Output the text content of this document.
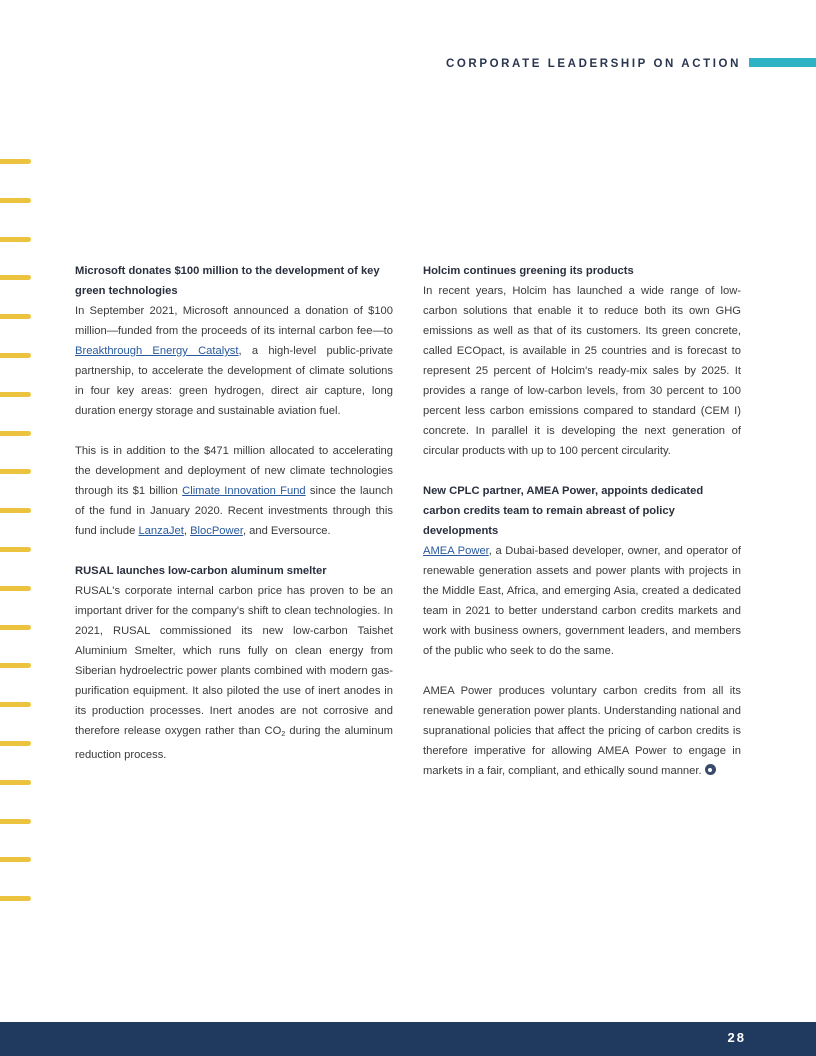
CORPORATE LEADERSHIP ON ACTION
Microsoft donates $100 million to the development of key green technologies

In September 2021, Microsoft announced a donation of $100 million—funded from the proceeds of its internal carbon fee—to Breakthrough Energy Catalyst, a high-level public-private partnership, to accelerate the development of climate solutions in four key areas: green hydrogen, direct air capture, long duration energy storage and sustainable aviation fuel.

This is in addition to the $471 million allocated to accelerating the development and deployment of new climate technologies through its $1 billion Climate Innovation Fund since the launch of the fund in January 2020. Recent investments through this fund include LanzaJet, BlocPower, and Eversource.

RUSAL launches low-carbon aluminum smelter

RUSAL's corporate internal carbon price has proven to be an important driver for the company's shift to clean technologies. In 2021, RUSAL commissioned its new low-carbon Taishet Aluminium Smelter, which runs fully on clean energy from Siberian hydroelectric power plants combined with modern gas-purification equipment. It also piloted the use of inert anodes in its production processes. Inert anodes are not corrosive and therefore release oxygen rather than $CO_2$ during the aluminum reduction process.

Holcim continues greening its products

In recent years, Holcim has launched a wide range of low-carbon solutions that enable it to reduce both its own GHG emissions as well as that of its customers. Its green concrete, called ECOpact, is available in 25 countries and is forecast to represent 25 percent of Holcim's ready-mix sales by 2025. It provides a range of low-carbon levels, from 30 percent to 100 percent less carbon emissions compared to standard (CEM I) concrete. In parallel it is developing the next generation of circular products with up to 100 percent circularity.

New CPLC partner, AMEA Power, appoints dedicated carbon credits team to remain abreast of policy developments

AMEA Power, a Dubai-based developer, owner, and operator of renewable generation assets and power plants with projects in the Middle East, Africa, and emerging Asia, created a dedicated team in 2021 to better understand carbon credits markets and work with business owners, government leaders, and members of the public who seek to do the same.

AMEA Power produces voluntary carbon credits from all its renewable generation power plants. Understanding national and supranational policies that affect the pricing of carbon credits is therefore imperative for allowing AMEA Power to engage in markets in a fair, compliant, and ethically sound manner.

28
